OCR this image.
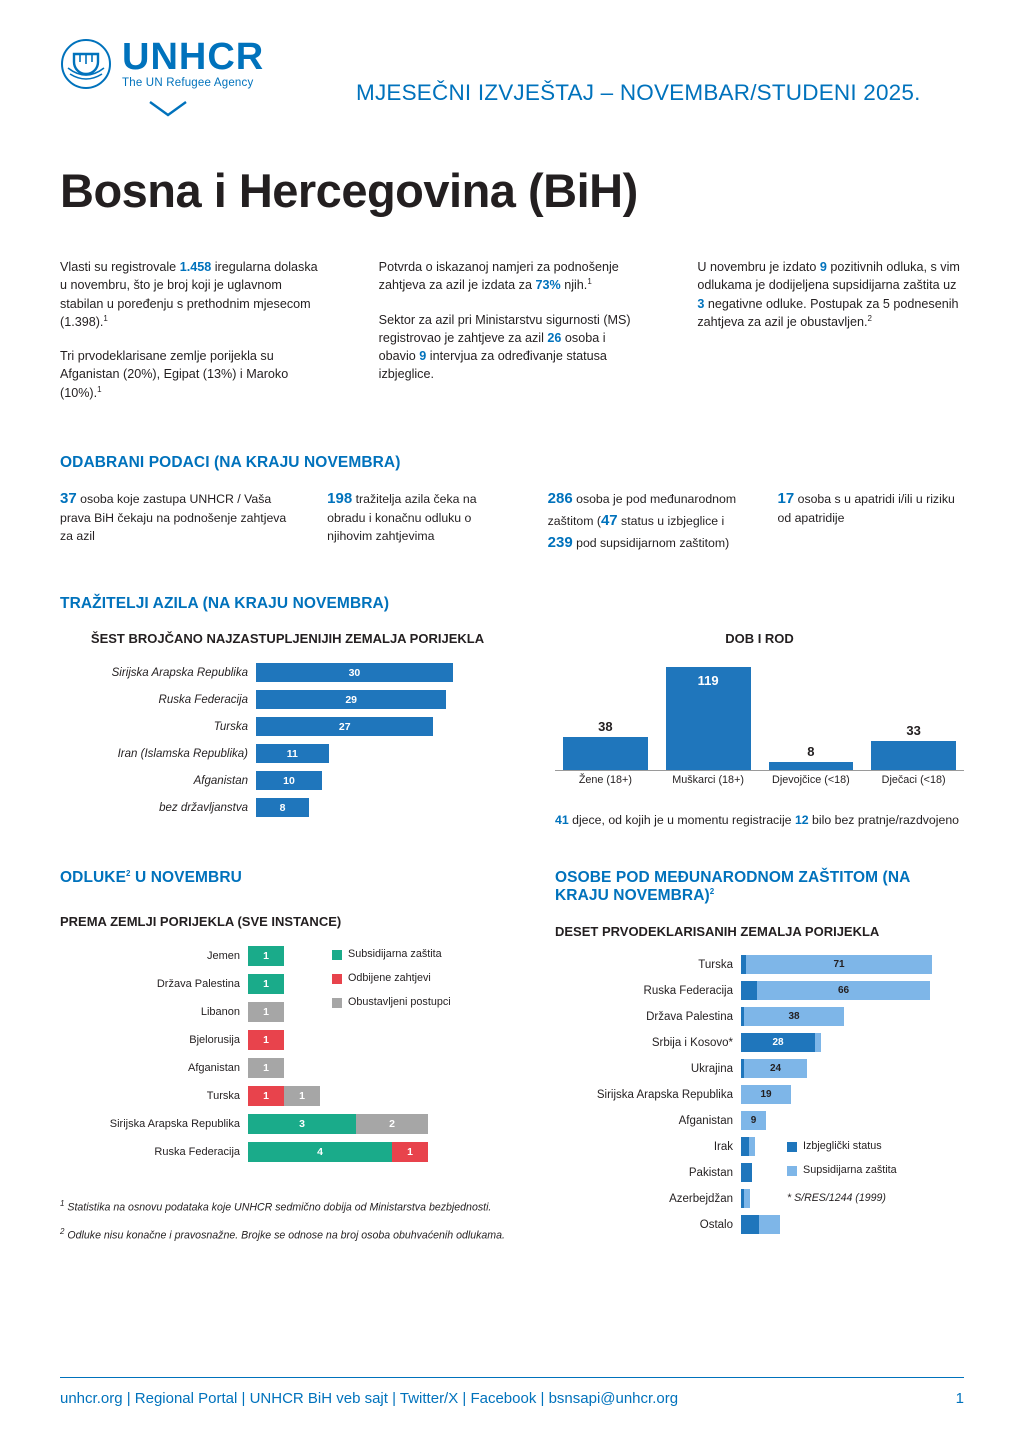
UNHCR
The UN Refugee Agency	MJESEČNI IZVJEŠTAJ – NOVEMBAR/STUDENI 2025.
Bosna i Hercegovina (BiH)

Vlasti su registrovale 1.458 iregularna dolaska u novembru, što je broj koji je uglavnom stabilan u poređenju s prethodnim mjesecom (1.398).$^1$

Tri prvodeklarisane zemlje porijekla su Afganistan (20%), Egipat (13%) i Maroko (10%).$^1$

Potvrda o iskazanoj namjeri za podnošenje zahtjeva za azil je izdata za 73% njih.$^1$

Sektor za azil pri Ministarstvu sigurnosti (MS) registrovao je zahtjeve za azil 26 osoba i obavio 9 intervjua za određivanje statusa izbjeglice.

U novembru je izdato 9 pozitivnih odluka, s vim odlukama je dodijeljena supsidijarna zaštita uz 3 negativne odluke. Postupak za 5 podnesenih zahtjeva za azil je obustavljen.$^2$

ODABRANI PODACI (NA KRAJU NOVEMBRA)
37 osoba koje zastupa UNHCR / Vaša prava BiH čekaju na podnošenje zahtjeva za azil
198 tražitelja azila čeka na obradu i konačnu odluku o njihovim zahtjevima
286 osoba je pod međunarodnom zaštitom (47 status u izbjeglice i 239 pod supsidijarnom zaštitom)
17 osoba s u apatridi i/ili u riziku od apatridije
TRAŽITELJI AZILA (NA KRAJU NOVEMBRA)
ŠEST BROJČANO NAJZASTUPLJENIJIH ZEMALJA PORIJEKLA
Sirijska Arapska Republika	30
Ruska Federacija	29
Turska	27
Iran (Islamska Republika)	11
Afganistan	10
bez državljanstva	8
DOB I ROD
38
119
8
33
Žene (18+)	Muškarci (18+)	Djevojčice (<18)	Dječaci (<18)
41 djece, od kojih je u momentu registracije 12 bilo bez pratnje/razdvojeno
ODLUKE$^2$ U NOVEMBRU
PREMA ZEMLJI PORIJEKLA (SVE INSTANCE)
Jemen	1
Država Palestina	1
Libanon	1
Bjelorusija	1
Afganistan	1
Turska	1	1
Sirijska Arapska Republika	3	2
Ruska Federacija	4	1
Subsidijarna zaštita
Odbijene zahtjevi
Obustavljeni postupci

$^1$ Statistika na osnovu podataka koje UNHCR sedmično dobija od Ministarstva bezbjednosti.

$^2$ Odluke nisu konačne i pravosnažne. Brojke se odnose na broj osoba obuhvaćenih odlukama.

OSOBE POD MEĐUNARODNOM ZAŠTITOM (NA KRAJU NOVEMBRA)$^2$
DESET PRVODEKLARISANIH ZEMALJA PORIJEKLA
Turska	71
Ruska Federacija	66
Država Palestina	38
Srbija i Kosovo*	28
Ukrajina	24
Sirijska Arapska Republika	19
Afganistan	9
Irak
Pakistan
Azerbejdžan
Ostalo
Izbjeglički status
Supsidijarna zaštita
* S/RES/1244 (1999)
unhcr.org | Regional Portal | UNHCR BiH veb sajt | Twitter/X | Facebook | bsnsapi@unhcr.org	1
